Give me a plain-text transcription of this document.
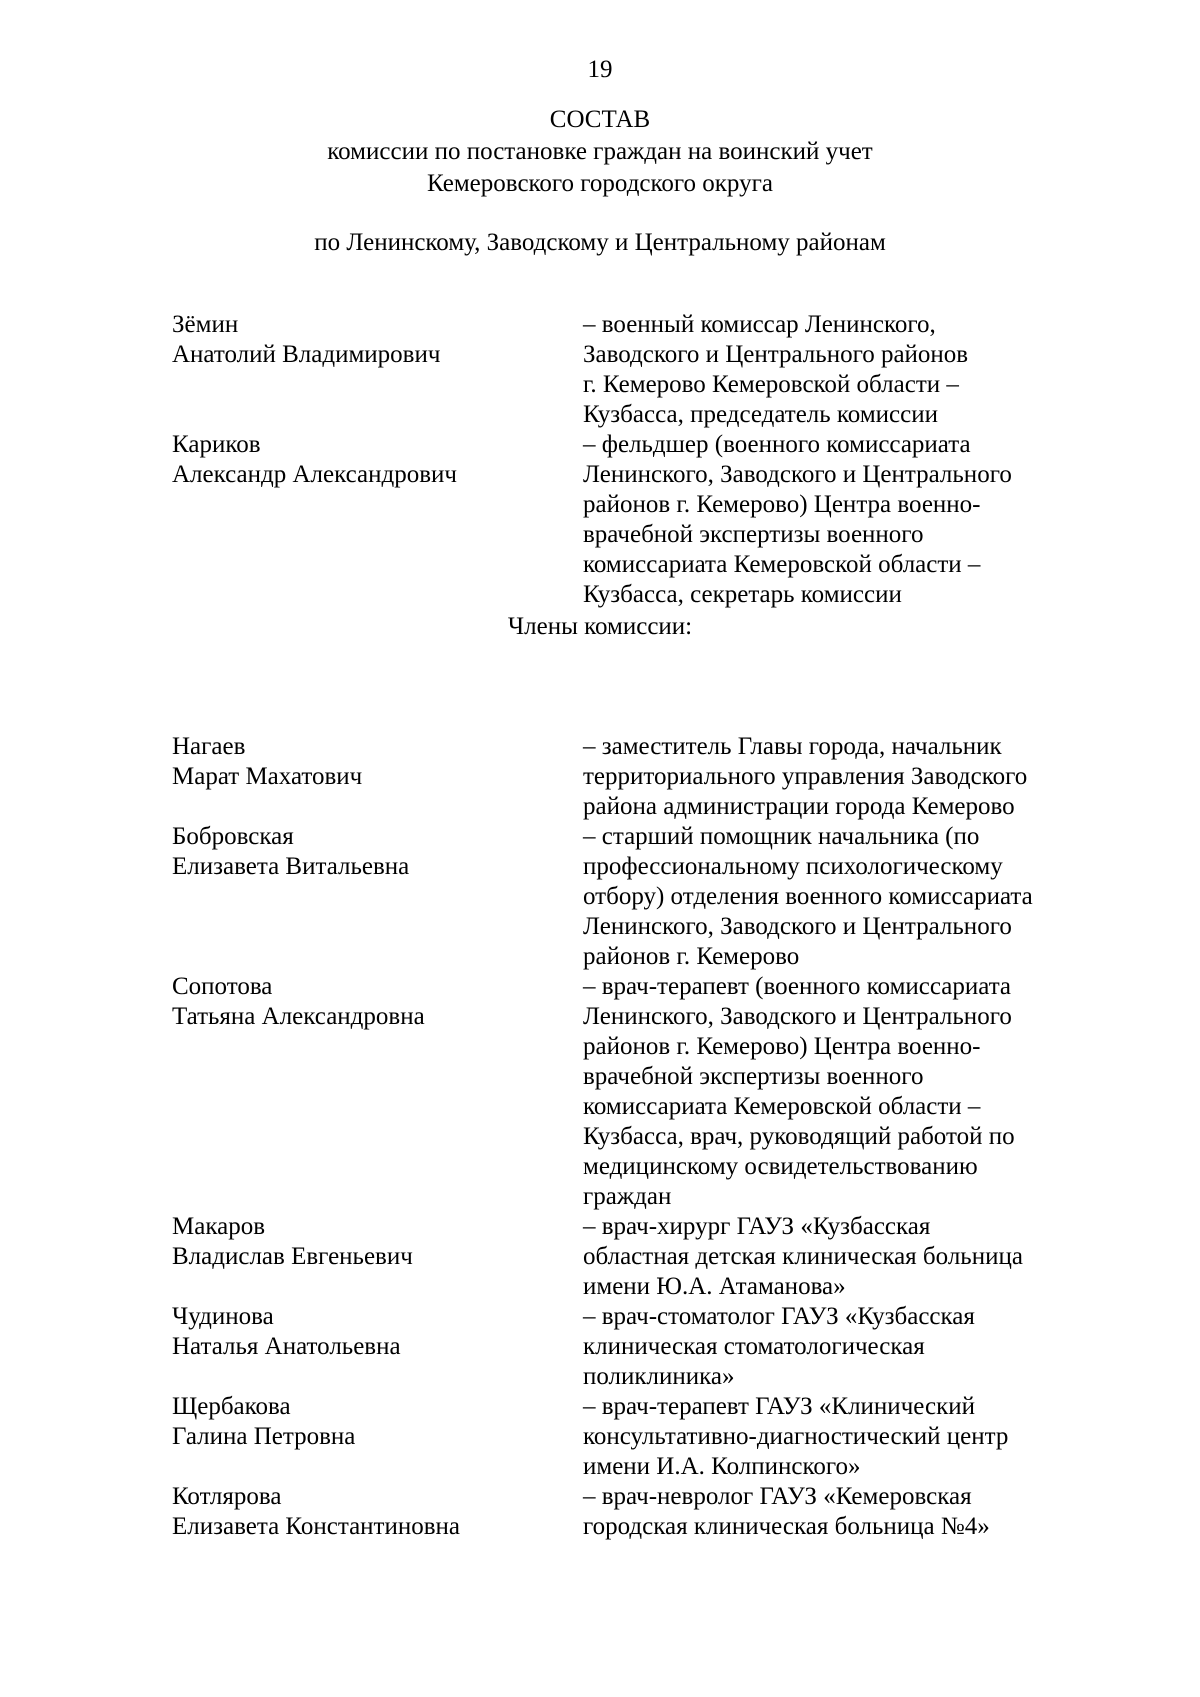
19
СОСТАВ
комиссии по постановке граждан на воинский учет
Кемеровского городского округа
по Ленинскому, Заводскому и Центральному районам
Зёмин
Анатолий Владимирович
– военный комиссар Ленинского,
Заводского и Центрального районов
г. Кемерово Кемеровской области –
Кузбасса, председатель комиссии
Кариков
Александр Александрович
– фельдшер (военного комиссариата
Ленинского, Заводского и Центрального
районов г. Кемерово) Центра военно-
врачебной экспертизы военного
комиссариата Кемеровской области –
Кузбасса, секретарь комиссии
Члены комиссии:
Нагаев
Марат Махатович
– заместитель Главы города, начальник
территориального управления Заводского
района администрации города Кемерово
Бобровская
Елизавета Витальевна
– старший помощник начальника (по
профессиональному психологическому
отбору) отделения военного комиссариата
Ленинского, Заводского и Центрального
районов г. Кемерово
Сопотова
Татьяна Александровна
– врач-терапевт (военного комиссариата
Ленинского, Заводского и Центрального
районов г. Кемерово) Центра военно-
врачебной экспертизы военного
комиссариата Кемеровской области –
Кузбасса, врач, руководящий работой по
медицинскому освидетельствованию
граждан
Макаров
Владислав Евгеньевич
– врач-хирург ГАУЗ «Кузбасская
областная детская клиническая больница
имени Ю.А. Атаманова»
Чудинова
Наталья Анатольевна
– врач-стоматолог ГАУЗ «Кузбасская
клиническая стоматологическая
поликлиника»
Щербакова
Галина Петровна
– врач-терапевт ГАУЗ «Клинический
консультативно-диагностический центр
имени И.А. Колпинского»
Котлярова
Елизавета Константиновна
– врач-невролог ГАУЗ «Кемеровская
городская клиническая больница №4»
